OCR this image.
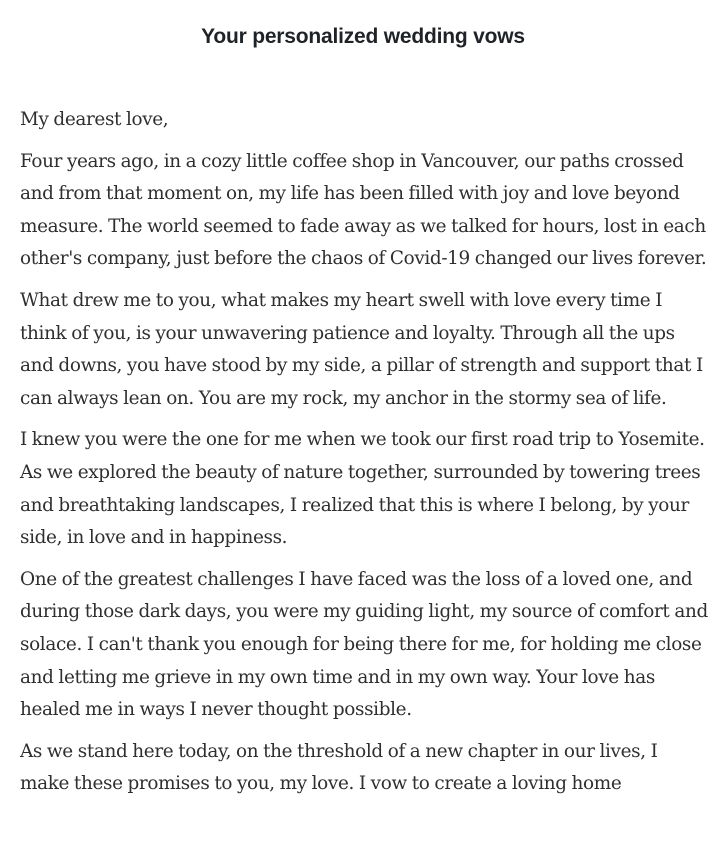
Your personalized wedding vows

My dearest love,

Four years ago, in a cozy little coffee shop in Vancouver, our paths crossed and from that moment on, my life has been filled with joy and love beyond measure. The world seemed to fade away as we talked for hours, lost in each other's company, just before the chaos of Covid-19 changed our lives forever.

What drew me to you, what makes my heart swell with love every time I think of you, is your unwavering patience and loyalty. Through all the ups and downs, you have stood by my side, a pillar of strength and support that I can always lean on. You are my rock, my anchor in the stormy sea of life.

I knew you were the one for me when we took our first road trip to Yosemite. As we explored the beauty of nature together, surrounded by towering trees and breathtaking landscapes, I realized that this is where I belong, by your side, in love and in happiness.

One of the greatest challenges I have faced was the loss of a loved one, and during those dark days, you were my guiding light, my source of comfort and solace. I can't thank you enough for being there for me, for holding me close and letting me grieve in my own time and in my own way. Your love has healed me in ways I never thought possible.

As we stand here today, on the threshold of a new chapter in our lives, I make these promises to you, my love. I vow to create a loving home
